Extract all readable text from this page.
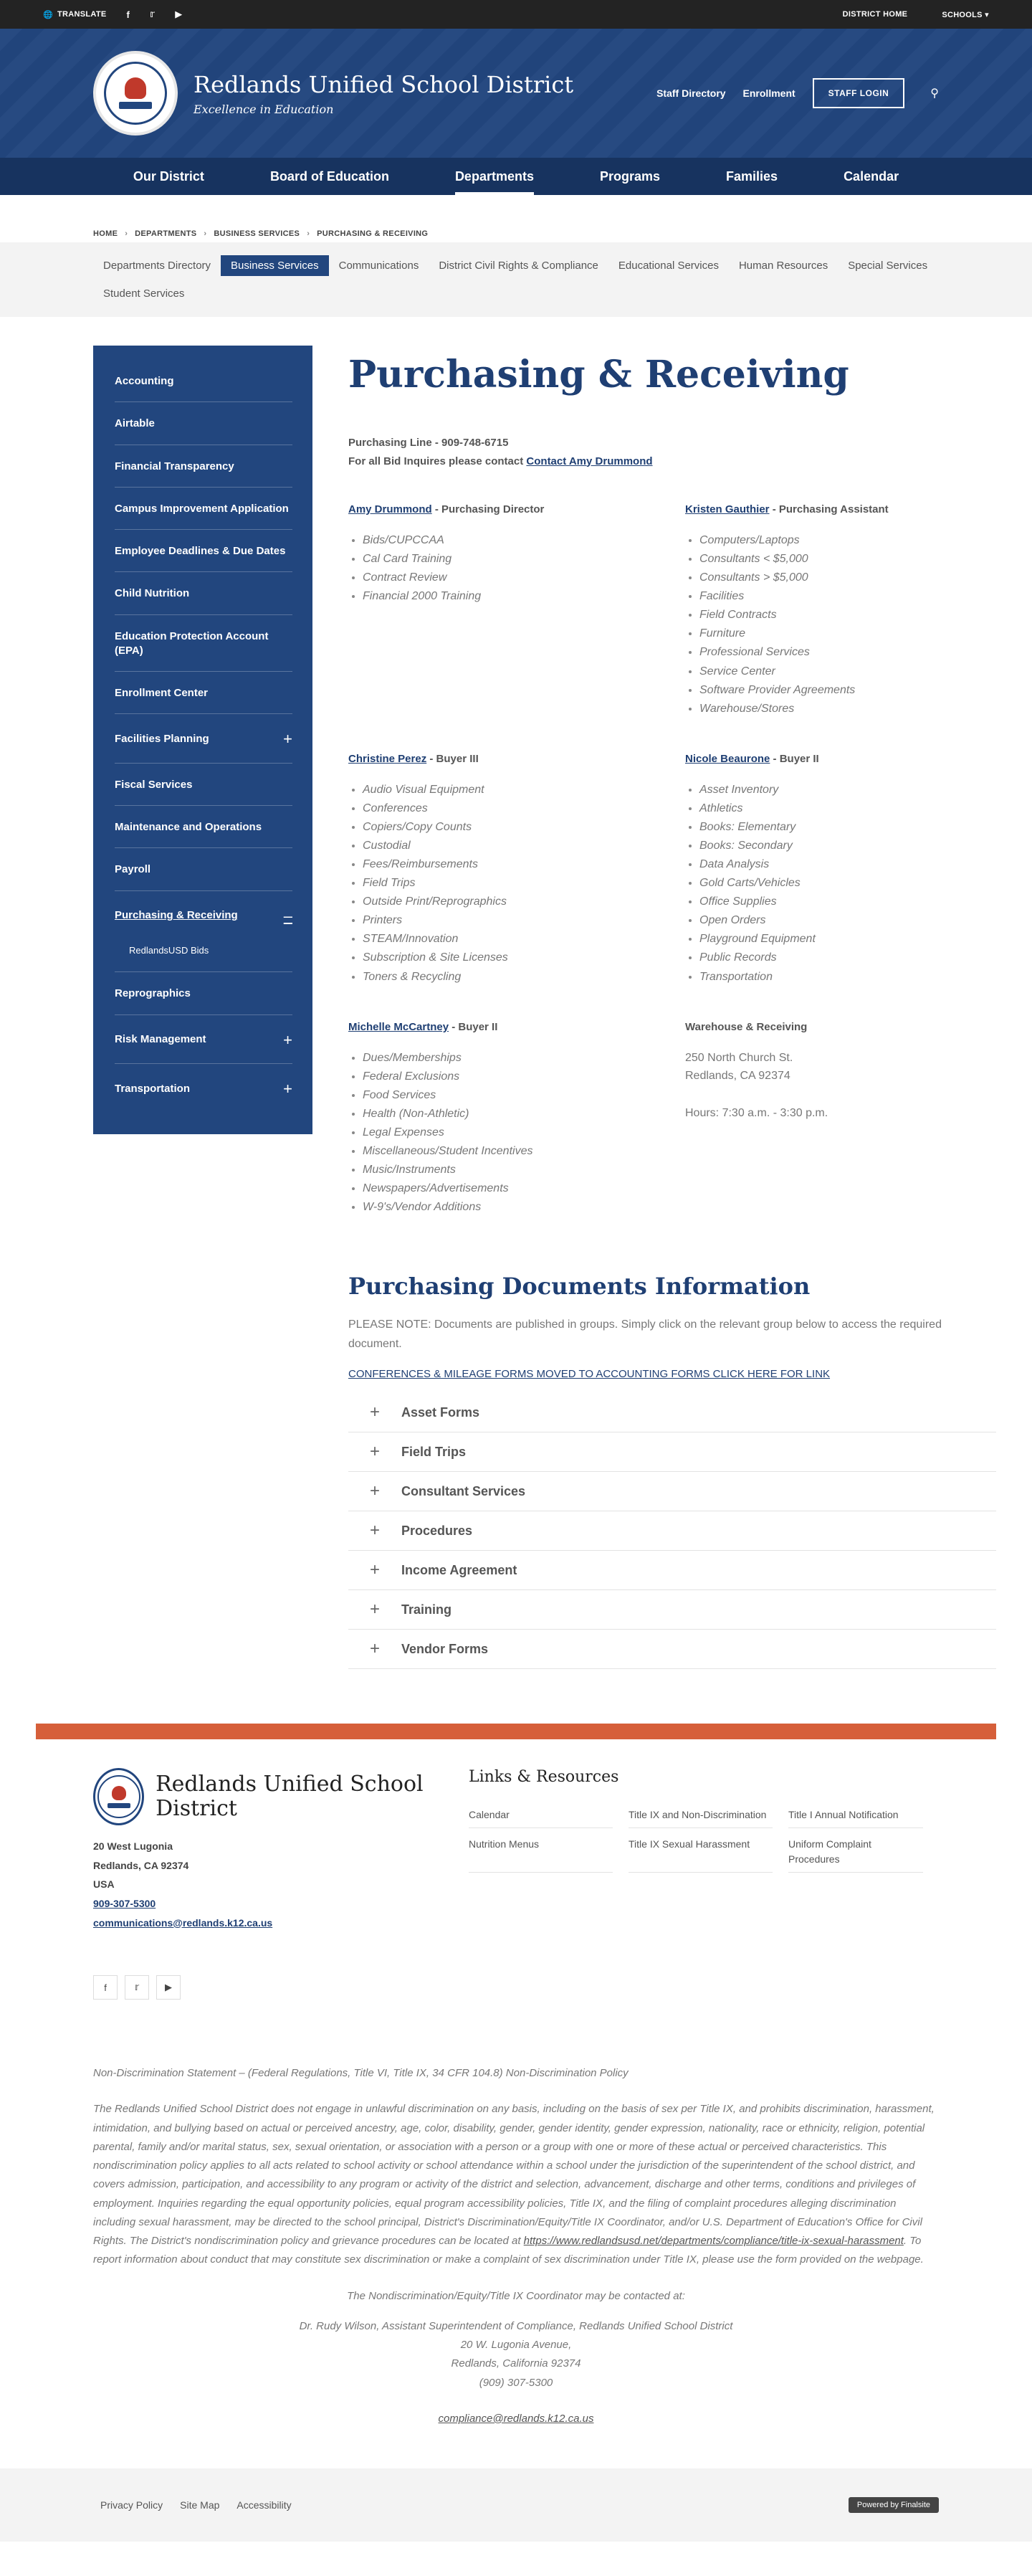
🌐 TRANSLATE f 𝕣 ▶	DISTRICT HOME	SCHOOLS ▾
Redlands Unified School District
Excellence in Education
Staff Directory Enrollment	STAFF LOGIN	⚲
Our District	Board of Education	Departments	Programs	Families	Calendar
HOME › DEPARTMENTS › BUSINESS SERVICES › PURCHASING & RECEIVING
Departments Directory	Business Services	Communications	District Civil Rights & Compliance	Educational Services	Human Resources	Special Services
Student Services
Accounting
Airtable
Financial Transparency
Campus Improvement Application
Employee Deadlines & Due Dates
Child Nutrition
Education Protection Account (EPA)
Enrollment Center
Facilities Planning	+
Fiscal Services
Maintenance and Operations
Payroll
Purchasing & Receiving	–
RedlandsUSD Bids
Reprographics
Risk Management	+
Transportation	+
Purchasing & Receiving
Purchasing Line - 909-748-6715
For all Bid Inquires please contact Contact Amy Drummond
Amy Drummond - Purchasing Director
• Bids/CUPCCAA
• Cal Card Training
• Contract Review
• Financial 2000 Training
Kristen Gauthier - Purchasing Assistant
• Computers/Laptops
• Consultants < $5,000
• Consultants > $5,000
• Facilities
• Field Contracts
• Furniture
• Professional Services
• Service Center
• Software Provider Agreements
• Warehouse/Stores
Christine Perez - Buyer III
• Audio Visual Equipment
• Conferences
• Copiers/Copy Counts
• Custodial
• Fees/Reimbursements
• Field Trips
• Outside Print/Reprographics
• Printers
• STEAM/Innovation
• Subscription & Site Licenses
• Toners & Recycling
Nicole Beaurone - Buyer II
• Asset Inventory
• Athletics
• Books: Elementary
• Books: Secondary
• Data Analysis
• Gold Carts/Vehicles
• Office Supplies
• Open Orders
• Playground Equipment
• Public Records
• Transportation
Michelle McCartney - Buyer II
• Dues/Memberships
• Federal Exclusions
• Food Services
• Health (Non-Athletic)
• Legal Expenses
• Miscellaneous/Student Incentives
• Music/Instruments
• Newspapers/Advertisements
• W-9's/Vendor Additions
Warehouse & Receiving
250 North Church St.
Redlands, CA 92374
Hours: 7:30 a.m. - 3:30 p.m.
Purchasing Documents Information

PLEASE NOTE: Documents are published in groups. Simply click on the relevant group below to access the required document.

CONFERENCES & MILEAGE FORMS MOVED TO ACCOUNTING FORMS CLICK HERE FOR LINK
+	Asset Forms
+	Field Trips
+	Consultant Services
+	Procedures
+	Income Agreement
+	Training
+	Vendor Forms
Redlands Unified School District
20 West Lugonia
Redlands, CA 92374
USA
909-307-5300
communications@redlands.k12.ca.us
f	𝕣	▶
Links & Resources
Calendar	Title IX and Non-Discrimination	Title I Annual Notification
Nutrition Menus	Title IX Sexual Harassment	Uniform Complaint Procedures

Non-Discrimination Statement – (Federal Regulations, Title VI, Title IX, 34 CFR 104.8) Non-Discrimination Policy

The Redlands Unified School District does not engage in unlawful discrimination on any basis, including on the basis of sex per Title IX, and prohibits discrimination, harassment, intimidation, and bullying based on actual or perceived ancestry, age, color, disability, gender, gender identity, gender expression, nationality, race or ethnicity, religion, potential parental, family and/or marital status, sex, sexual orientation, or association with a person or a group with one or more of these actual or perceived characteristics. This nondiscrimination policy applies to all acts related to school activity or school attendance within a school under the jurisdiction of the superintendent of the school district, and covers admission, participation, and accessibility to any program or activity of the district and selection, advancement, discharge and other terms, conditions and privileges of employment. Inquiries regarding the equal opportunity policies, equal program accessibility policies, Title IX, and the filing of complaint procedures alleging discrimination including sexual harassment, may be directed to the school principal, District's Discrimination/Equity/Title IX Coordinator, and/or U.S. Department of Education's Office for Civil Rights. The District's nondiscrimination policy and grievance procedures can be located at https://www.redlandsusd.net/departments/compliance/title-ix-sexual-harassment. To report information about conduct that may constitute sex discrimination or make a complaint of sex discrimination under Title IX, please use the form provided on the webpage.

The Nondiscrimination/Equity/Title IX Coordinator may be contacted at:

Dr. Rudy Wilson, Assistant Superintendent of Compliance, Redlands Unified School District
20 W. Lugonia Avenue,
Redlands, California 92374
(909) 307-5300
compliance@redlands.k12.ca.us
Privacy Policy Site Map Accessibility	Powered by Finalsite
